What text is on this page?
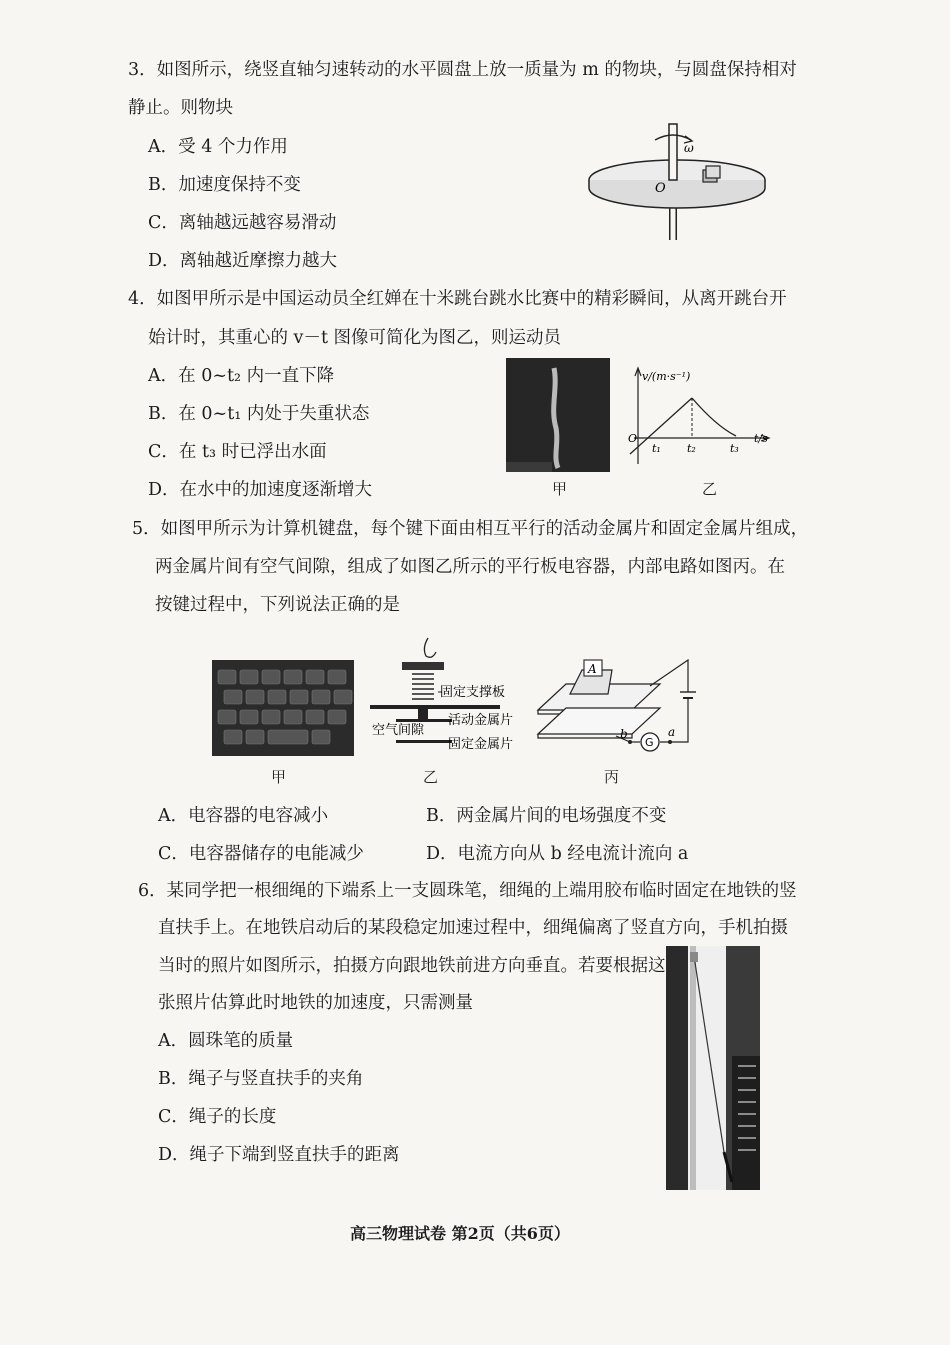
3．如图所示，绕竖直轴匀速转动的水平圆盘上放一质量为 m 的物块，与圆盘保持相对
静止。则物块
A．受 4 个力作用
B．加速度保持不变
C．离轴越远越容易滑动
D．离轴越近摩擦力越大
ω
O
4．如图甲所示是中国运动员全红婵在十米跳台跳水比赛中的精彩瞬间，从离开跳台开
始计时，其重心的 v－t 图像可简化为图乙，则运动员
A．在 0~t₂ 内一直下降
B．在 0~t₁ 内处于失重状态
C．在 t₃ 时已浮出水面
D．在水中的加速度逐渐增大	甲
v/(m·s⁻¹)
t/s
O
t₁ t₂	t₃
乙
5．如图甲所示为计算机键盘，每个键下面由相互平行的活动金属片和固定金属片组成，
两金属片间有空气间隙，组成了如图乙所示的平行板电容器，内部电路如图丙。在
按键过程中，下列说法正确的是
固定支撑板
空气间隙
活动金属片
固定金属片
A
G
b	a
甲	乙	丙
A．电容器的电容减小	B．两金属片间的电场强度不变
C．电容器储存的电能减少	D．电流方向从 b 经电流计流向 a
6．某同学把一根细绳的下端系上一支圆珠笔，细绳的上端用胶布临时固定在地铁的竖
直扶手上。在地铁启动后的某段稳定加速过程中，细绳偏离了竖直方向，手机拍摄
当时的照片如图所示，拍摄方向跟地铁前进方向垂直。若要根据这
张照片估算此时地铁的加速度，只需测量
A．圆珠笔的质量
B．绳子与竖直扶手的夹角
C．绳子的长度
D．绳子下端到竖直扶手的距离
高三物理试卷 第2页（共6页）
